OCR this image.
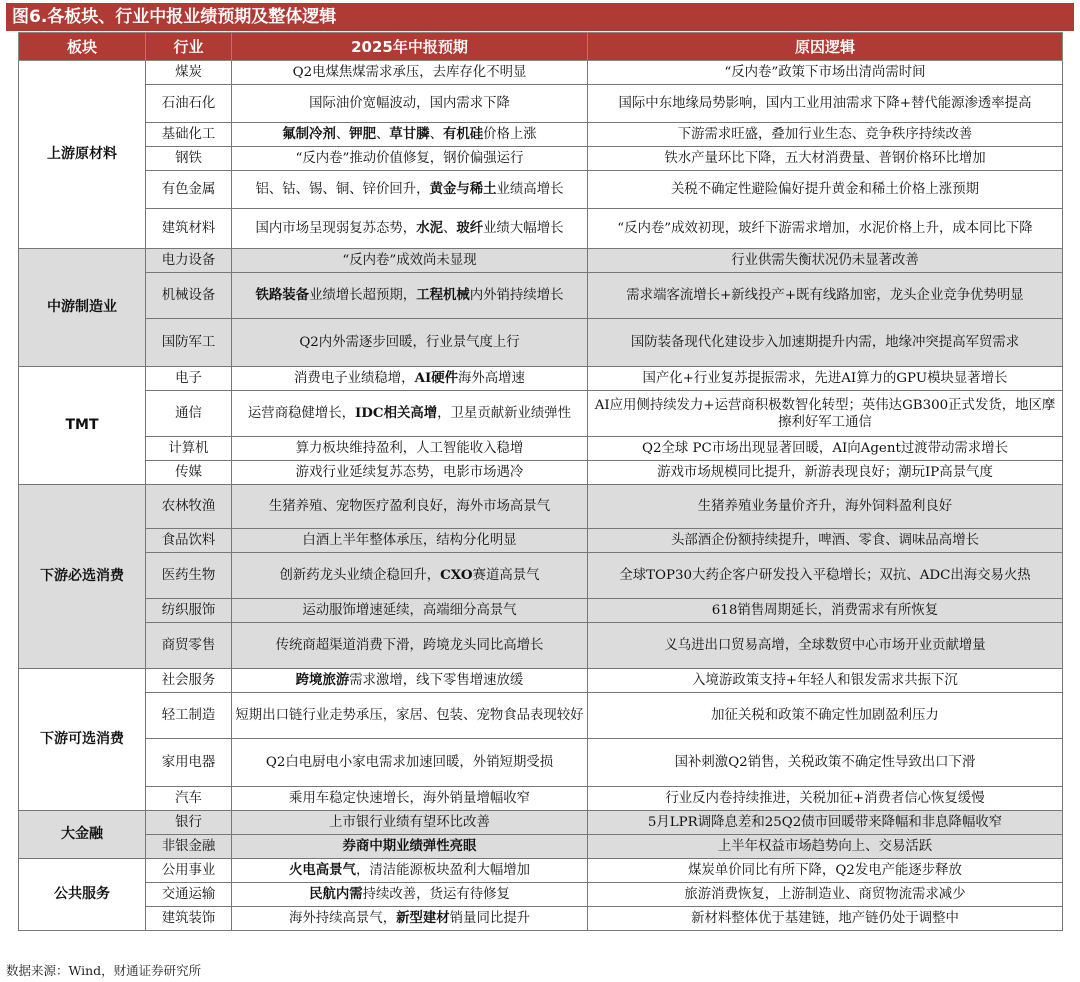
图6.各板块、行业中报业绩预期及整体逻辑
板块	行业	2025年中报预期	原因逻辑
上游原材料	煤炭	Q2电煤焦煤需求承压，去库存化不明显	“反内卷”政策下市场出清尚需时间
	石油石化	国际油价宽幅波动，国内需求下降	国际中东地缘局势影响，国内工业用油需求下降+替代能源渗透率提高
	基础化工	氟制冷剂、钾肥、草甘膦、有机硅价格上涨	下游需求旺盛，叠加行业生态、竞争秩序持续改善
	钢铁	“反内卷”推动价值修复，钢价偏强运行	铁水产量环比下降，五大材消费量、普钢价格环比增加
	有色金属	铝、钴、锡、铜、锌价回升，黄金与稀土业绩高增长	关税不确定性避险偏好提升黄金和稀土价格上涨预期
	建筑材料	国内市场呈现弱复苏态势，水泥、玻纤业绩大幅增长	“反内卷”成效初现，玻纤下游需求增加，水泥价格上升，成本同比下降
中游制造业	电力设备	“反内卷”成效尚未显现	行业供需失衡状况仍未显著改善
	机械设备	铁路装备业绩增长超预期，工程机械内外销持续增长	需求端客流增长+新线投产+既有线路加密，龙头企业竞争优势明显
	国防军工	Q2内外需逐步回暖，行业景气度上行	国防装备现代化建设步入加速期提升内需，地缘冲突提高军贸需求
TMT	电子	消费电子业绩稳增，AI硬件海外高增速	国产化+行业复苏提振需求，先进AI算力的GPU模块显著增长
	通信	运营商稳健增长，IDC相关高增，卫星贡献新业绩弹性	AI应用侧持续发力+运营商积极数智化转型；英伟达GB300正式发货，地区摩擦利好军工通信
	计算机	算力板块维持盈利，人工智能收入稳增	Q2全球 PC市场出现显著回暖，AI向Agent过渡带动需求增长
	传媒	游戏行业延续复苏态势，电影市场遇冷	游戏市场规模同比提升，新游表现良好；潮玩IP高景气度
下游必选消费	农林牧渔	生猪养殖、宠物医疗盈利良好，海外市场高景气	生猪养殖业务量价齐升，海外饲料盈利良好
	食品饮料	白酒上半年整体承压，结构分化明显	头部酒企份额持续提升，啤酒、零食、调味品高增长
	医药生物	创新药龙头业绩企稳回升，CXO赛道高景气	全球TOP30大药企客户研发投入平稳增长；双抗、ADC出海交易火热
	纺织服饰	运动服饰增速延续，高端细分高景气	618销售周期延长，消费需求有所恢复
	商贸零售	传统商超渠道消费下滑，跨境龙头同比高增长	义乌进出口贸易高增，全球数贸中心市场开业贡献增量
下游可选消费	社会服务	跨境旅游需求激增，线下零售增速放缓	入境游政策支持+年轻人和银发需求共振下沉
	轻工制造	短期出口链行业走势承压，家居、包装、宠物食品表现较好	加征关税和政策不确定性加剧盈利压力
	家用电器	Q2白电厨电小家电需求加速回暖，外销短期受损	国补刺激Q2销售，关税政策不确定性导致出口下滑
	汽车	乘用车稳定快速增长，海外销量增幅收窄	行业反内卷持续推进，关税加征+消费者信心恢复缓慢
大金融	银行	上市银行业绩有望环比改善	5月LPR调降息差和25Q2债市回暖带来降幅和非息降幅收窄
	非银金融	券商中期业绩弹性亮眼	上半年权益市场趋势向上、交易活跃
公共服务	公用事业	火电高景气，清洁能源板块盈利大幅增加	煤炭单价同比有所下降，Q2发电产能逐步释放
	交通运输	民航内需持续改善，货运有待修复	旅游消费恢复，上游制造业、商贸物流需求减少
	建筑装饰	海外持续高景气，新型建材销量同比提升	新材料整体优于基建链，地产链仍处于调整中
数据来源：Wind，财通证券研究所
